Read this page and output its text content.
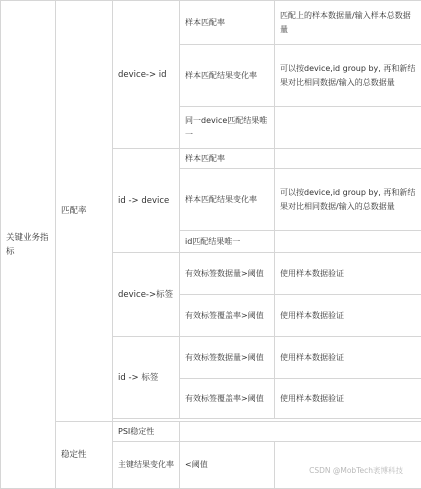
关键业务指标	匹配率	device-> id	样本匹配率	匹配上的样本数据量/输入样本总数据量
			样本匹配结果变化率	可以按device,id group by, 再和新结果对比相同数据/输入的总数据量
			同一device匹配结果唯一	
		id -> device	样本匹配率	
			样本匹配结果变化率	可以按device,id group by, 再和新结果对比相同数据/输入的总数据量
			id匹配结果唯一	
		device->标签	有效标签数据量>阈值	使用样本数据验证
			有效标签覆盖率>阈值	使用样本数据验证
		id -> 标签	有效标签数据量>阈值	使用样本数据验证
			有效标签覆盖率>阈值	使用样本数据验证

	稳定性	PSI稳定性		
		主键结果变化率	<阈值	
CSDN @MobTech袤博科技
